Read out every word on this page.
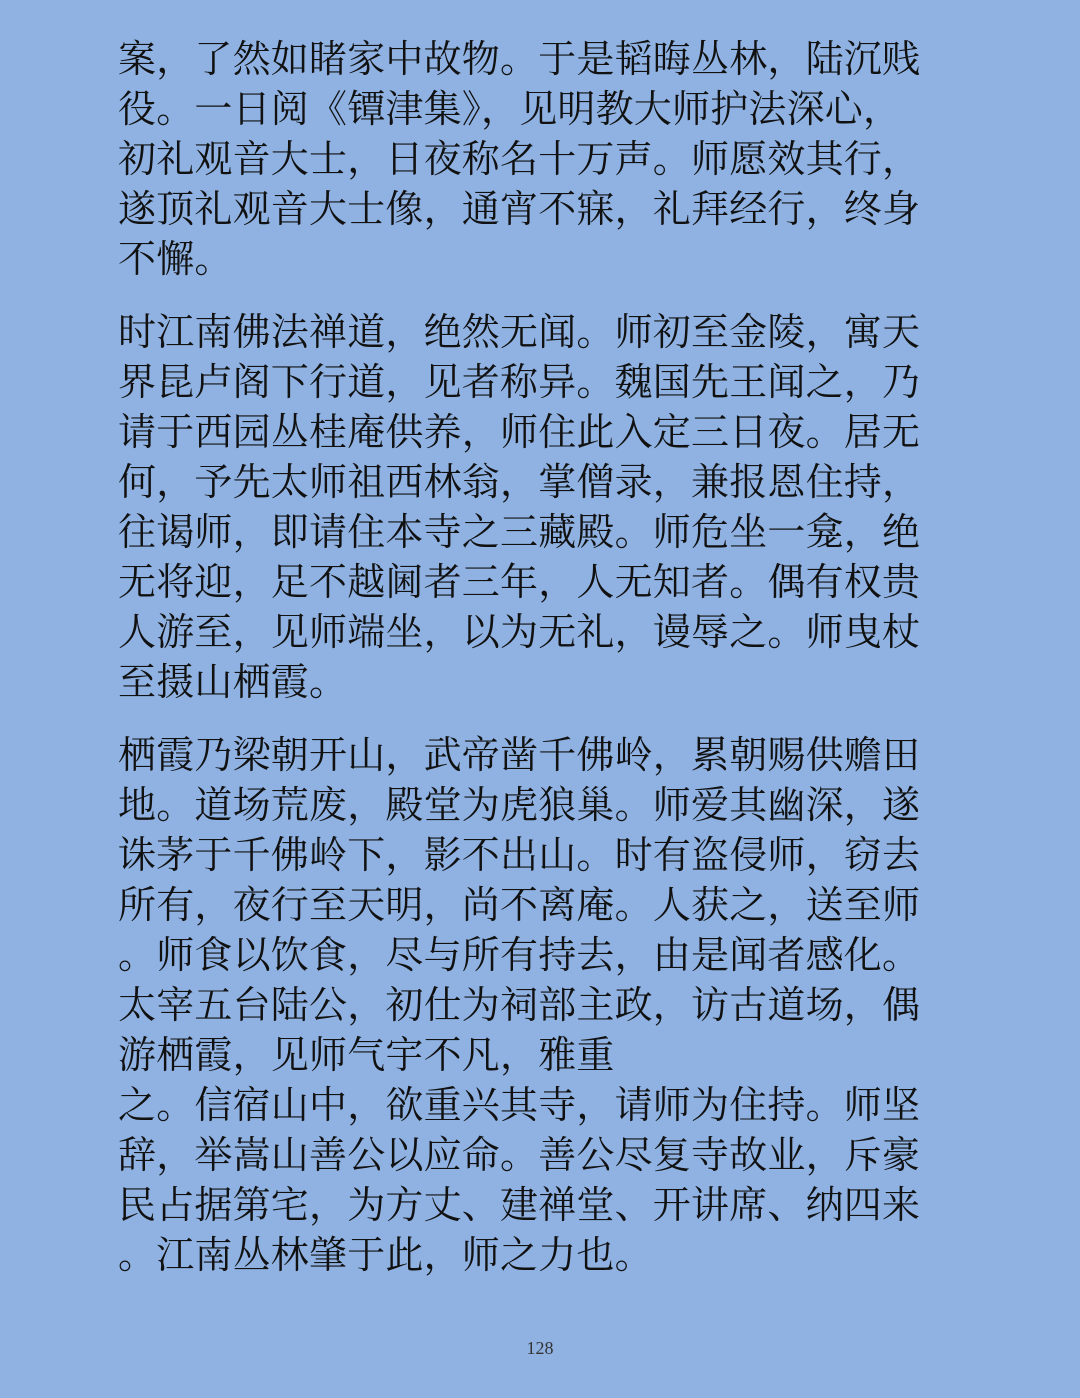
案，了然如睹家中故物。于是韬晦丛林，陆沉贱
役。一日阅《镡津集》，见明教大师护法深心，
初礼观音大士，日夜称名十万声。师愿效其行，
遂顶礼观音大士像，通宵不寐，礼拜经行，终身
不懈。
时江南佛法禅道，绝然无闻。师初至金陵，寓天
界昆卢阁下行道，见者称异。魏国先王闻之，乃
请于西园丛桂庵供养，师住此入定三日夜。居无
何，予先太师祖西林翁，掌僧录，兼报恩住持，
往谒师，即请住本寺之三藏殿。师危坐一龛，绝
无将迎，足不越阃者三年，人无知者。偶有权贵
人游至，见师端坐，以为无礼，谩辱之。师曳杖
至摄山栖霞。
栖霞乃梁朝开山，武帝凿千佛岭，累朝赐供赡田
地。道场荒废，殿堂为虎狼巢。师爱其幽深，遂
诛茅于千佛岭下，影不出山。时有盗侵师，窃去
所有，夜行至天明，尚不离庵。人获之，送至师
。师食以饮食，尽与所有持去，由是闻者感化。
太宰五台陆公，初仕为祠部主政，访古道场，偶
游栖霞，见师气宇不凡，雅重
之。信宿山中，欲重兴其寺，请师为住持。师坚
辞，举嵩山善公以应命。善公尽复寺故业，斥豪
民占据第宅，为方丈、建禅堂、开讲席、纳四来
。江南丛林肇于此，师之力也。
128
